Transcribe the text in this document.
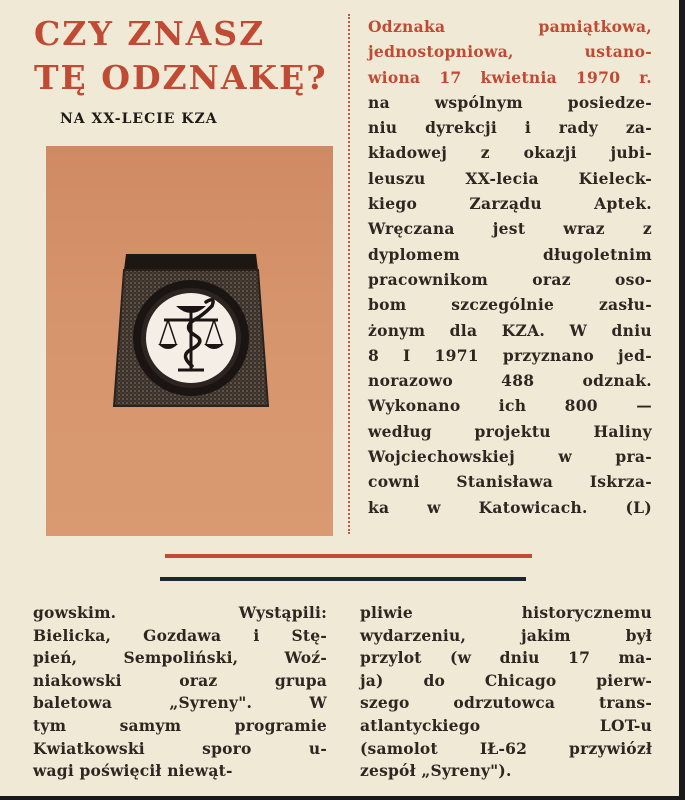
CZY ZNASZ
TĘ ODZNAKĘ?
NA XX-LECIE KZA
Odznaka	pamiątkowa,
jednostopniowa,	ustano-
wiona 17 kwietnia 1970 r.
na	wspólnym	posiedze-
niu dyrekcji i rady za-
kładowej z okazji jubi-
leuszu	XX-lecia	Kieleck-
kiego	Zarządu	Aptek.
Wręczana jest wraz z
dyplomem	długoletnim
pracownikom	oraz	oso-
bom	szczególnie	zasłu-
żonym dla KZA. W dniu
8 I 1971 przyznano jed-
norazowo	488	odznak.
Wykonano ich 800 —
według	projektu	Haliny
Wojciechowskiej	w	pra-
cowni Stanisława Iskrza-
ka w Katowicach. (L)
gowskim.	Wystąpili:
Bielicka, Gozdawa i Stę-
pień,	Sempoliński,	Woź-
niakowski	oraz	grupa
baletowa	„Syreny".	W
tym	samym	programie
Kwiatkowski	sporo	u-
wagi poświęcił niewąt-
pliwie	historycznemu
wydarzeniu,	jakim	był
przylot (w dniu 17 ma-
ja)	do	Chicago	pierw-
szego	odrzutowca	trans-
atlantyckiego	LOT-u
(samolot	IŁ-62	przywiózł
zespół „Syreny").
